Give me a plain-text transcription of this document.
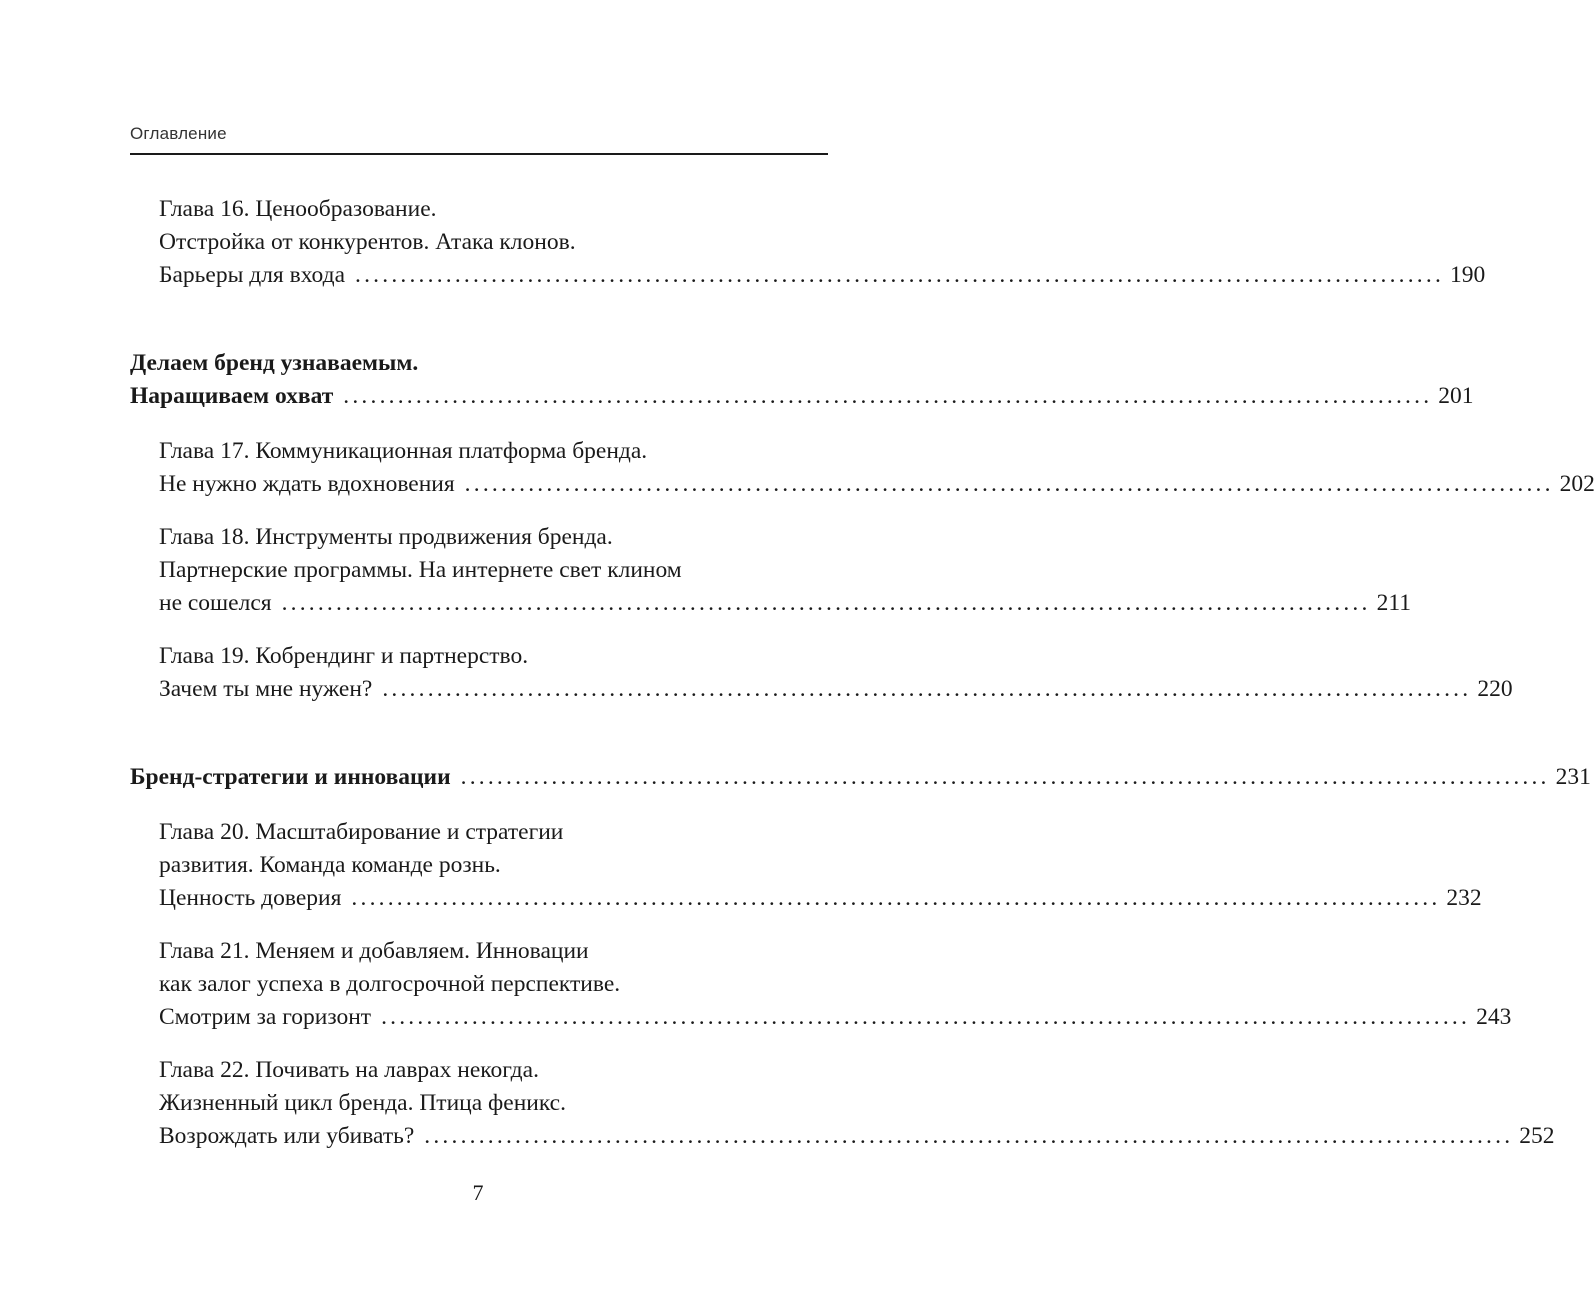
Оглавление
Глава 16. Ценообразование.
Отстройка от конкурентов. Атака клонов.
Барьеры для входа ........................................................................................................................ 190
Делаем бренд узнаваемым.
Наращиваем охват ........................................................................................................................ 201
Глава 17. Коммуникационная платформа бренда.
Не нужно ждать вдохновения ........................................................................................................................ 202
Глава 18. Инструменты продвижения бренда.
Партнерские программы. На интернете свет клином
не сошелся ........................................................................................................................ 211
Глава 19. Кобрендинг и партнерство.
Зачем ты мне нужен? ........................................................................................................................ 220
Бренд-стратегии и инновации ........................................................................................................................ 231
Глава 20. Масштабирование и стратегии
развития. Команда команде рознь.
Ценность доверия ........................................................................................................................ 232
Глава 21. Меняем и добавляем. Инновации
как залог успеха в долгосрочной перспективе.
Смотрим за горизонт ........................................................................................................................ 243
Глава 22. Почивать на лаврах некогда.
Жизненный цикл бренда. Птица феникс.
Возрождать или убивать? ........................................................................................................................ 252
7
